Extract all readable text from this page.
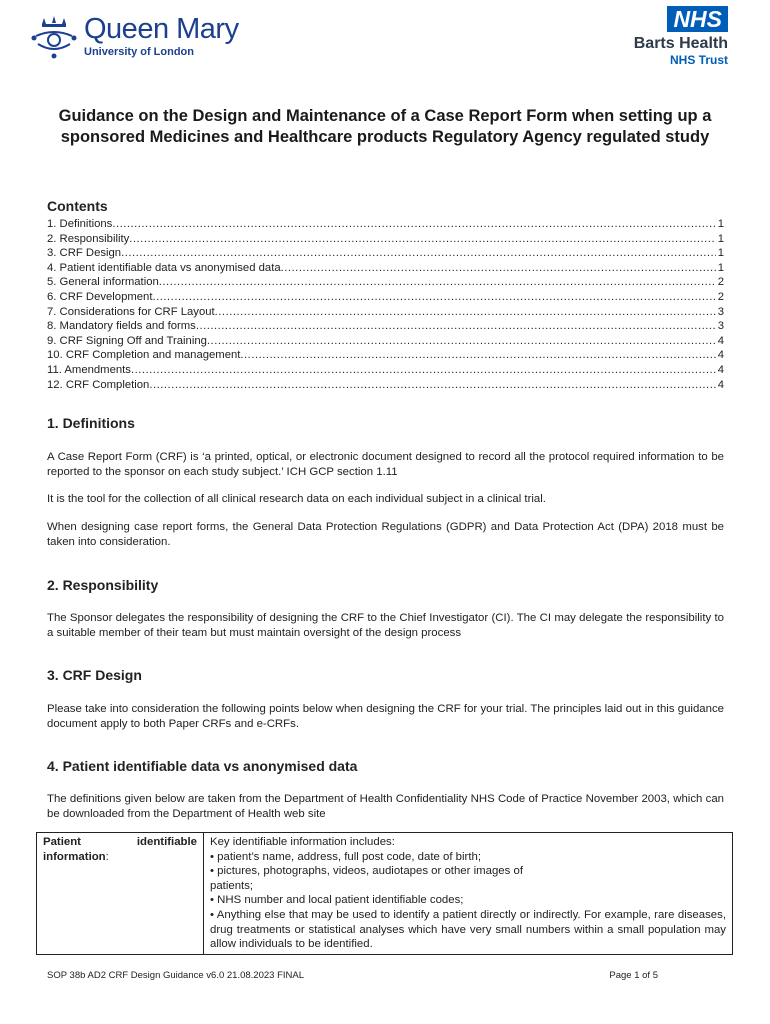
Queen Mary
University of London
NHS
Barts Health
NHS Trust
Guidance on the Design and Maintenance of a Case Report Form when setting up a sponsored Medicines and Healthcare products Regulatory Agency regulated study
Contents
1. Definitions .....	1
2. Responsibility .....	1
3. CRF Design .....	1
4. Patient identifiable data vs anonymised data .....	1
5. General information .....	2
6. CRF Development .....	2
7. Considerations for CRF Layout .....	3
8. Mandatory fields and forms .....	3
9. CRF Signing Off and Training .....	4
10. CRF Completion and management .....	4
11. Amendments .....	4
12. CRF Completion .....	4
1. Definitions
A Case Report Form (CRF) is ‘a printed, optical, or electronic document designed to record all the protocol required information to be reported to the sponsor on each study subject.’ ICH GCP section 1.11
It is the tool for the collection of all clinical research data on each individual subject in a clinical trial.
When designing case report forms, the General Data Protection Regulations (GDPR) and Data Protection Act (DPA) 2018 must be taken into consideration.
2. Responsibility
The Sponsor delegates the responsibility of designing the CRF to the Chief Investigator (CI). The CI may delegate the responsibility to a suitable member of their team but must maintain oversight of the design process
3. CRF Design
Please take into consideration the following points below when designing the CRF for your trial. The principles laid out in this guidance document apply to both Paper CRFs and e-CRFs.
4. Patient identifiable data vs anonymised data
The definitions given below are taken from the Department of Health Confidentiality NHS Code of Practice November 2003, which can be downloaded from the Department of Health web site
Patient	identifiable
information:

Key identifiable information includes:
• patient’s name, address, full post code, date of birth;
• pictures, photographs, videos, audiotapes or other images of
patients;
• NHS number and local patient identifiable codes;
• Anything else that may be used to identify a patient directly or indirectly. For example, rare diseases, drug treatments or statistical analyses which have very small numbers within a small population may allow individuals to be identified.
SOP 38b AD2 CRF Design Guidance v6.0 21.08.2023 FINAL	Page 1 of 5
